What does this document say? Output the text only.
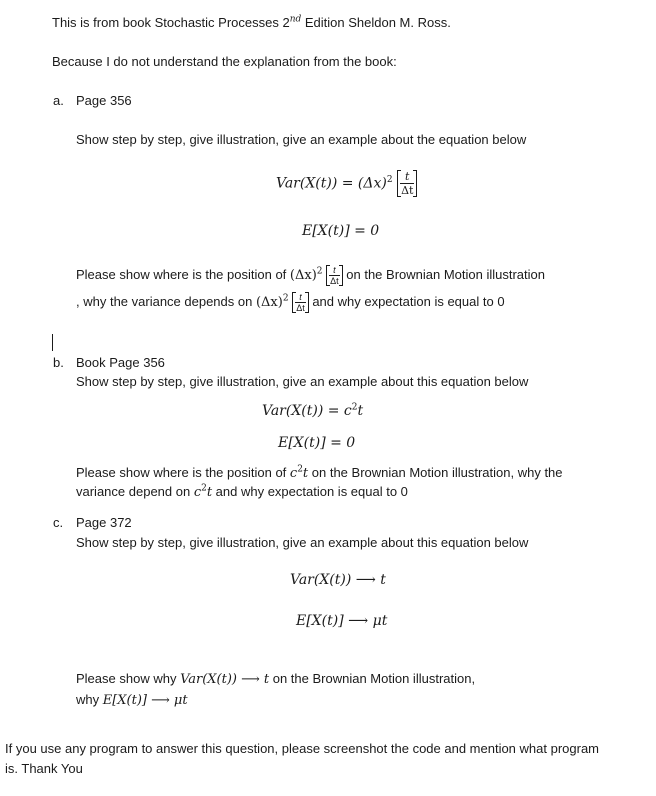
This is from book Stochastic Processes 2nd Edition Sheldon M. Ross.
Because I do not understand the explanation from the book:
a. Page 356
Show step by step, give illustration, give an example about the equation below
$Var(X(t)) = (\Delta x)^2 \frac{t}{\Delta t}$
E[X(t)] = 0
Please show where is the position of $(\Delta x)^2 \frac{t}{\Delta t}$ on the Brownian Motion illustration
, why the variance depends on $(\Delta x)^2 \frac{t}{\Delta t}$ and why expectation is equal to 0
b. Book Page 356
Show step by step, give illustration, give an example about this equation below
$Var(X(t)) = c^2t$
E[X(t)] = 0
Please show where is the position of $c^2t$ on the Brownian Motion illustration, why the
variance depend on $c^2t$ and why expectation is equal to 0
c. Page 372
Show step by step, give illustration, give an example about this equation below
Var(X(t)) ⟶ t
E[X(t)] ⟶ μt
Please show why Var(X(t)) ⟶ t on the Brownian Motion illustration,
why E[X(t)] ⟶ μt
If you use any program to answer this question, please screenshot the code and mention what program
is. Thank You
